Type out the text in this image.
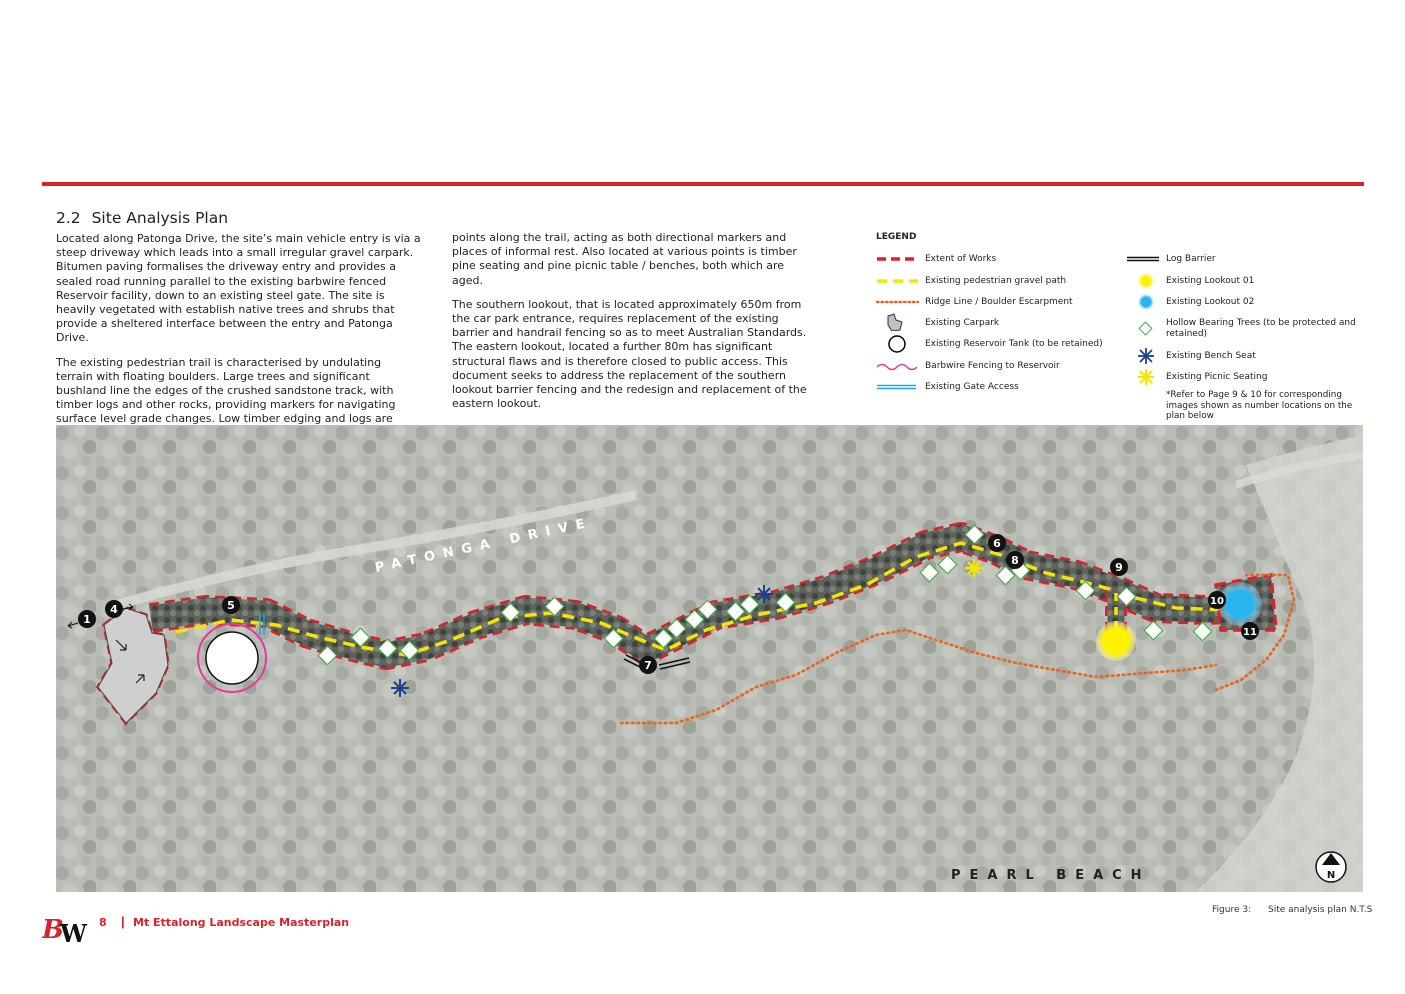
2.2 Site Analysis Plan

Located along Patonga Drive, the site’s main vehicle entry is via a steep driveway which leads into a small irregular gravel carpark. Bitumen paving formalises the driveway entry and provides a sealed road running parallel to the existing barbwire fenced Reservoir facility, down to an existing steel gate. The site is heavily vegetated with establish native trees and shrubs that provide a sheltered interface between the entry and Patonga Drive.

The existing pedestrian trail is characterised by undulating terrain with floating boulders. Large trees and significant bushland line the edges of the crushed sandstone track, with timber logs and other rocks, providing markers for navigating surface level grade changes. Low timber edging and logs are

points along the trail, acting as both directional markers and places of informal rest. Also located at various points is timber pine seating and pine picnic table / benches, both which are aged.

The southern lookout, that is located approximately 650m from the car park entrance, requires replacement of the existing barrier and handrail fencing so as to meet Australian Standards. The eastern lookout, located a further 80m has significant structural flaws and is therefore closed to public access. This document seeks to address the replacement of the southern lookout barrier fencing and the redesign and replacement of the eastern lookout.

LEGEND
Extent of Works
Existing pedestrian gravel path
Ridge Line / Boulder Escarpment
Existing Carpark
Existing Reservoir Tank (to be retained)
Barbwire Fencing to Reservoir
Existing Gate Access
Log Barrier
Existing Lookout 01
Existing Lookout 02
Hollow Bearing Trees (to be protected and retained)
Existing Bench Seat
Existing Picnic Seating
*Refer to Page 9 & 10 for corresponding images shown as number locations on the plan below
1
4	5
7
6
8
9
10
11
PATONGA DRIVE
PEARL BEACH	N
B
W 8 | Mt Ettalong Landscape Masterplan
Figure 3: Site analysis plan N.T.S
